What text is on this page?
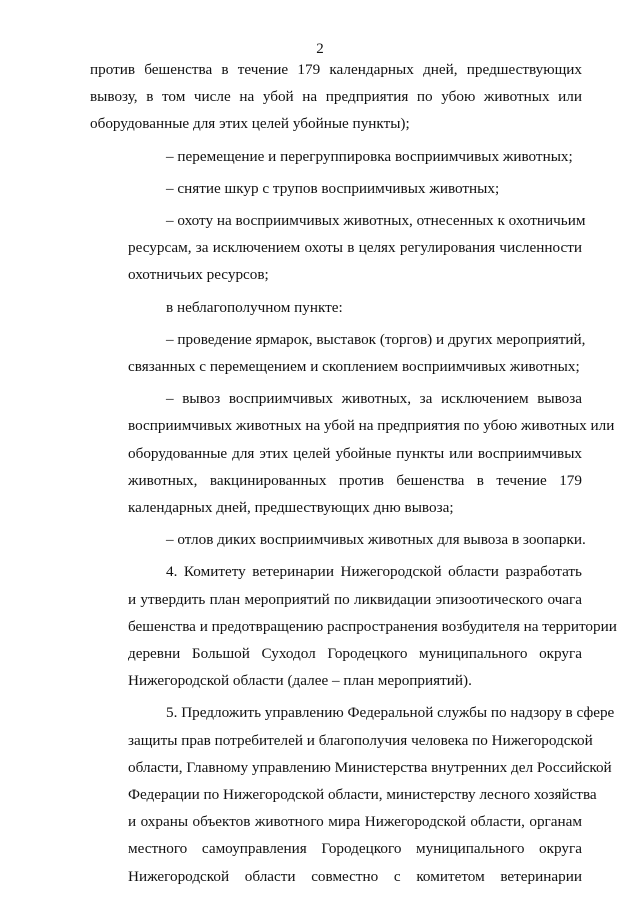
2
против бешенства в течение 179 календарных дней, предшествующих
вывозу, в том числе на убой на предприятия по убою животных или
оборудованные для этих целей убойные пункты);
– перемещение и перегруппировка восприимчивых животных;
– снятие шкур с трупов восприимчивых животных;
– охоту на восприимчивых животных, отнесенных к охотничьим
ресурсам, за исключением охоты в целях регулирования численности
охотничьих ресурсов;
в неблагополучном пункте:
– проведение ярмарок, выставок (торгов) и других мероприятий,
связанных с перемещением и скоплением восприимчивых животных;
– вывоз восприимчивых животных, за исключением вывоза
восприимчивых животных на убой на предприятия по убою животных или
оборудованные для этих целей убойные пункты или восприимчивых
животных, вакцинированных против бешенства в течение 179
календарных дней, предшествующих дню вывоза;
– отлов диких восприимчивых животных для вывоза в зоопарки.
4. Комитету ветеринарии Нижегородской области разработать
и утвердить план мероприятий по ликвидации эпизоотического очага
бешенства и предотвращению распространения возбудителя на территории
деревни Большой Суходол Городецкого муниципального округа
Нижегородской области (далее – план мероприятий).
5. Предложить управлению Федеральной службы по надзору в сфере
защиты прав потребителей и благополучия человека по Нижегородской
области, Главному управлению Министерства внутренних дел Российской
Федерации по Нижегородской области, министерству лесного хозяйства
и охраны объектов животного мира Нижегородской области, органам
местного самоуправления Городецкого муниципального округа
Нижегородской области совместно с комитетом ветеринарии
